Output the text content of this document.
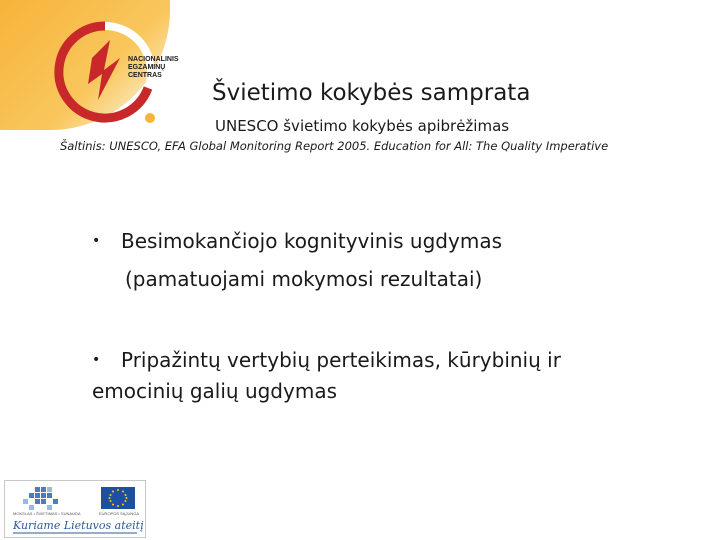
NACIONALINIS
EGZAMINŲ
CENTRAS
Švietimo kokybės samprata
UNESCO švietimo kokybės apibrėžimas
Šaltinis: UNESCO, EFA Global Monitoring Report 2005. Education for All: The Quality Imperative
• Besimokančiojo kognityvinis ugdymas
(pamatuojami mokymosi rezultatai)
• Pripažintų vertybių perteikimas, kūrybinių ir
emocinių galių ugdymas
MOKSLAS • ŠVIETIMAS • SUNAUDA	EUROPOS SĄJUNGA
Kuriame Lietuvos ateitį
